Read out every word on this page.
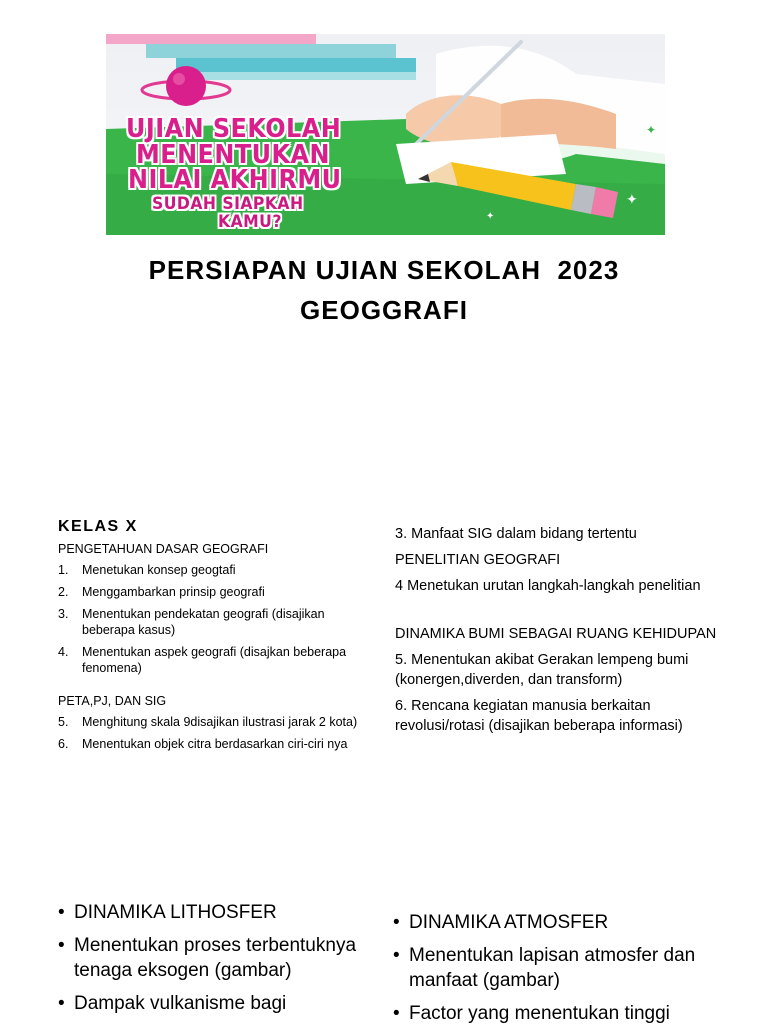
✦
✦
✦
UJIAN SEKOLAH
MENENTUKAN
NILAI AKHIRMU
SUDAH SIAPKAH
KAMU?
PERSIAPAN UJIAN SEKOLAH  2023
GEOGGRAFI
KELAS X
PENGETAHUAN DASAR GEOGRAFI
1. Menetukan konsep geogtafi
2. Menggambarkan prinsip geografi
3. Menentukan pendekatan geografi (disajikan beberapa kasus)
4. Menentukan aspek geografi (disajkan beberapa fenomena)
PETA,PJ, DAN SIG
5. Menghitung skala 9disajikan ilustrasi jarak 2 kota)
6. Menentukan objek citra berdasarkan ciri-ciri nya
3. Manfaat SIG dalam bidang tertentu
PENELITIAN GEOGRAFI
4 Menetukan urutan langkah-langkah penelitian
DINAMIKA BUMI SEBAGAI RUANG KEHIDUPAN
5. Menentukan akibat Gerakan lempeng bumi (konergen,diverden, dan transform)
6. Rencana kegiatan manusia berkaitan revolusi/rotasi (disajikan beberapa informasi)
• DINAMIKA LITHOSFER
• Menentukan proses terbentuknya tenaga eksogen (gambar)
• Dampak vulkanisme bagi
• DINAMIKA ATMOSFER
• Menentukan lapisan atmosfer dan manfaat (gambar)
• Factor yang menentukan tinggi
